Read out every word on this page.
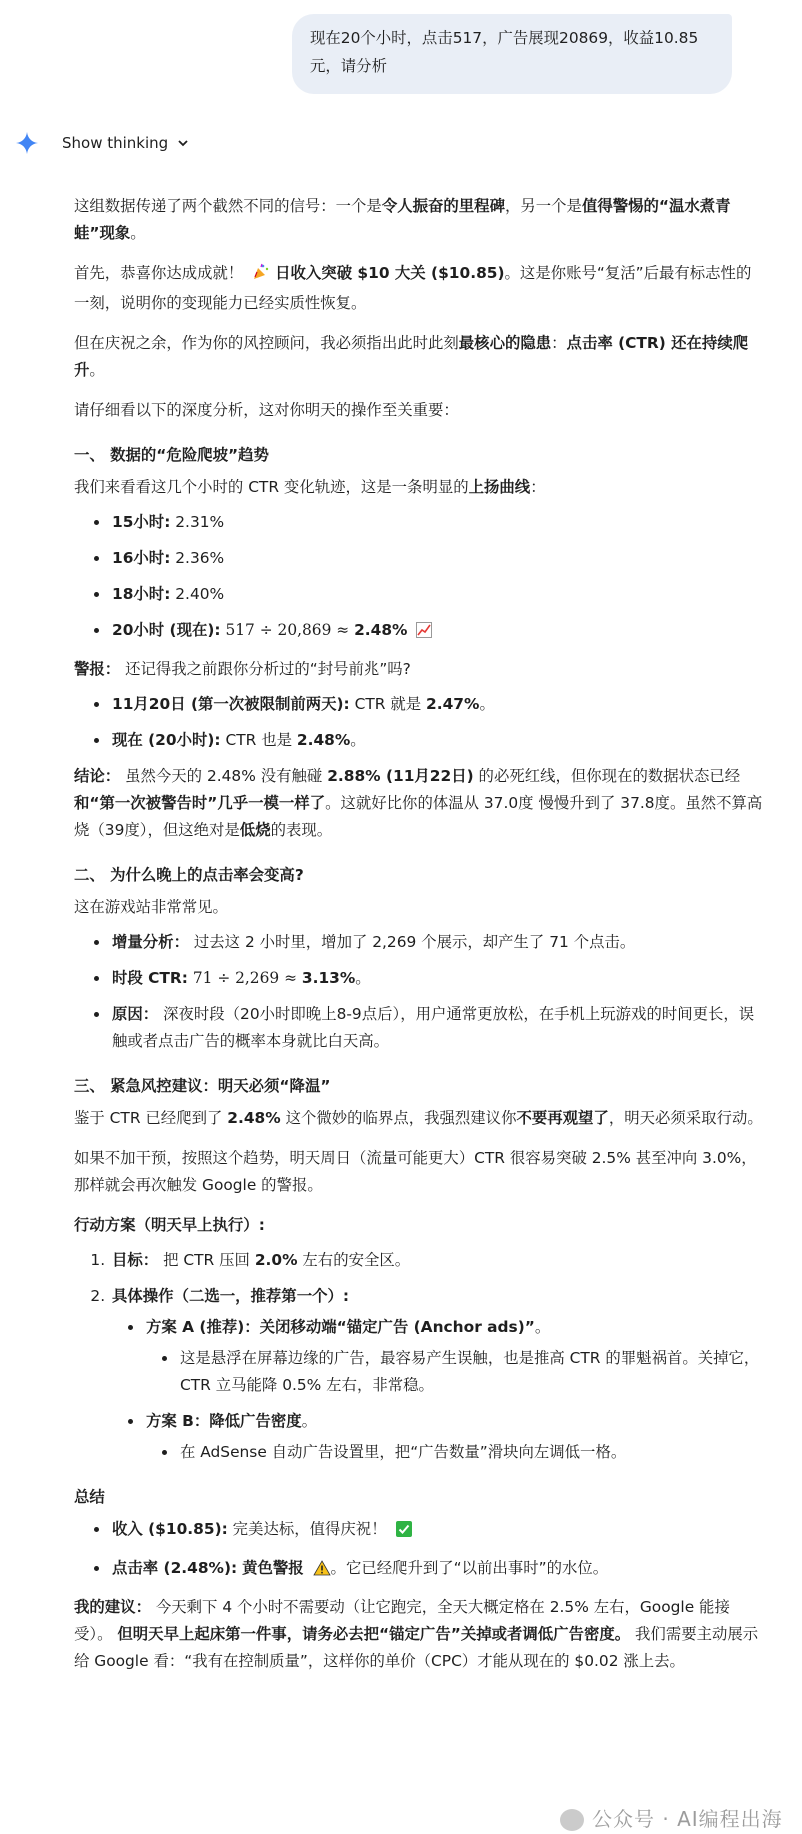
现在20个小时，点击517，广告展现20869，收益10.85元，请分析
Show thinking

这组数据传递了两个截然不同的信号：一个是令人振奋的里程碑，另一个是值得警惕的“温水煮青蛙”现象。

首先，恭喜你达成成就！ 日收入突破 $10 大关 ($10.85)。这是你账号“复活”后最有标志性的一刻，说明你的变现能力已经实质性恢复。

但在庆祝之余，作为你的风控顾问，我必须指出此时此刻最核心的隐患：点击率 (CTR) 还在持续爬升。

请仔细看以下的深度分析，这对你明天的操作至关重要：

一、 数据的“危险爬坡”趋势

我们来看看这几个小时的 CTR 变化轨迹，这是一条明显的上扬曲线：

• 15小时: 2.31%
• 16小时: 2.36%
• 18小时: 2.40%
• 20小时 (现在): 517 ÷ 20,869 ≈ 2.48%

警报： 还记得我之前跟你分析过的“封号前兆”吗?

• 11月20日 (第一次被限制前两天): CTR 就是 2.47%。
• 现在 (20小时): CTR 也是 2.48%。

结论： 虽然今天的 2.48% 没有触碰 2.88% (11月22日) 的必死红线，但你现在的数据状态已经和“第一次被警告时”几乎一模一样了。这就好比你的体温从 37.0度 慢慢升到了 37.8度。虽然不算高烧（39度），但这绝对是低烧的表现。

二、 为什么晚上的点击率会变高?

这在游戏站非常常见。

• 增量分析： 过去这 2 小时里，增加了 2,269 个展示，却产生了 71 个点击。
• 时段 CTR: 71 ÷ 2,269 ≈ 3.13%。
• 原因： 深夜时段（20小时即晚上8-9点后），用户通常更放松，在手机上玩游戏的时间更长，误触或者点击广告的概率本身就比白天高。
三、 紧急风控建议：明天必须“降温”

鉴于 CTR 已经爬到了 2.48% 这个微妙的临界点，我强烈建议你不要再观望了，明天必须采取行动。

如果不加干预，按照这个趋势，明天周日（流量可能更大）CTR 很容易突破 2.5% 甚至冲向 3.0%，那样就会再次触发 Google 的警报。

行动方案（明天早上执行）:

1. 目标： 把 CTR 压回 2.0% 左右的安全区。
2. 具体操作（二选一，推荐第一个）:
• 方案 A (推荐)：关闭移动端“锚定广告 (Anchor ads)”。
• 这是悬浮在屏幕边缘的广告，最容易产生误触，也是推高 CTR 的罪魁祸首。关掉它，CTR 立马能降 0.5% 左右，非常稳。
• 方案 B：降低广告密度。
• 在 AdSense 自动广告设置里，把“广告数量”滑块向左调低一格。
总结
• 收入 ($10.85): 完美达标，值得庆祝！
• 点击率 (2.48%): 黄色警报 。它已经爬升到了“以前出事时”的水位。

我的建议： 今天剩下 4 个小时不需要动（让它跑完，全天大概定格在 2.5% 左右，Google 能接受）。 但明天早上起床第一件事，请务必去把“锚定广告”关掉或者调低广告密度。 我们需要主动展示给 Google 看：“我有在控制质量”，这样你的单价（CPC）才能从现在的 $0.02 涨上去。

公众号 · AI编程出海
